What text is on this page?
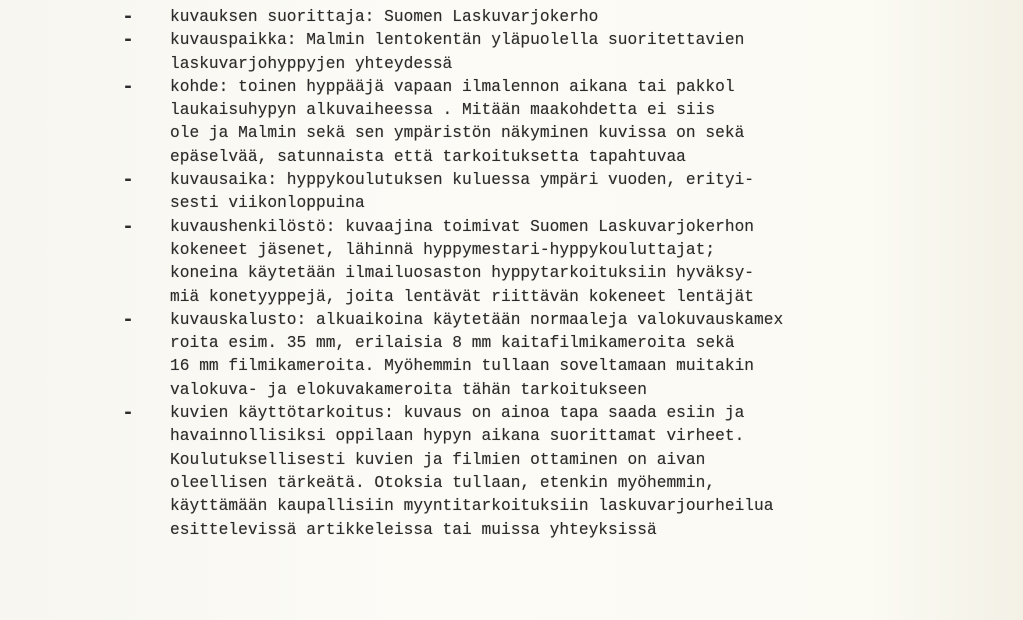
- kuvauksen suorittaja: Suomen Laskuvarjokerho
- kuvauspaikka: Malmin lentokentän yläpuolella suoritettavien
laskuvarjohyppyjen yhteydessä
- kohde: toinen hyppääjä vapaan ilmalennon aikana tai pakkol
laukaisuhypyn alkuvaiheessa . Mitään maakohdetta ei siis
ole ja Malmin sekä sen ympäristön näkyminen kuvissa on sekä
epäselvää, satunnaista että tarkoituksetta tapahtuvaa
- kuvausaika: hyppykoulutuksen kuluessa ympäri vuoden, erityi-
sesti viikonloppuina
- kuvaushenkilöstö: kuvaajina toimivat Suomen Laskuvarjokerhon
kokeneet jäsenet, lähinnä hyppymestari-hyppykouluttajat;
koneina käytetään ilmailuosaston hyppytarkoituksiin hyväksy-
miä konetyyppejä, joita lentävät riittävän kokeneet lentäjät
- kuvauskalusto: alkuaikoina käytetään normaaleja valokuvauskamex
roita esim. 35 mm, erilaisia 8 mm kaitafilmikameroita sekä
16 mm filmikameroita. Myöhemmin tullaan soveltamaan muitakin
valokuva- ja elokuvakameroita tähän tarkoitukseen
- kuvien käyttötarkoitus: kuvaus on ainoa tapa saada esiin ja
havainnollisiksi oppilaan hypyn aikana suorittamat virheet.
Koulutuksellisesti kuvien ja filmien ottaminen on aivan
oleellisen tärkeätä. Otoksia tullaan, etenkin myöhemmin,
käyttämään kaupallisiin myyntitarkoituksiin laskuvarjourheilua
esittelevissä artikkeleissa tai muissa yhteyksissä
